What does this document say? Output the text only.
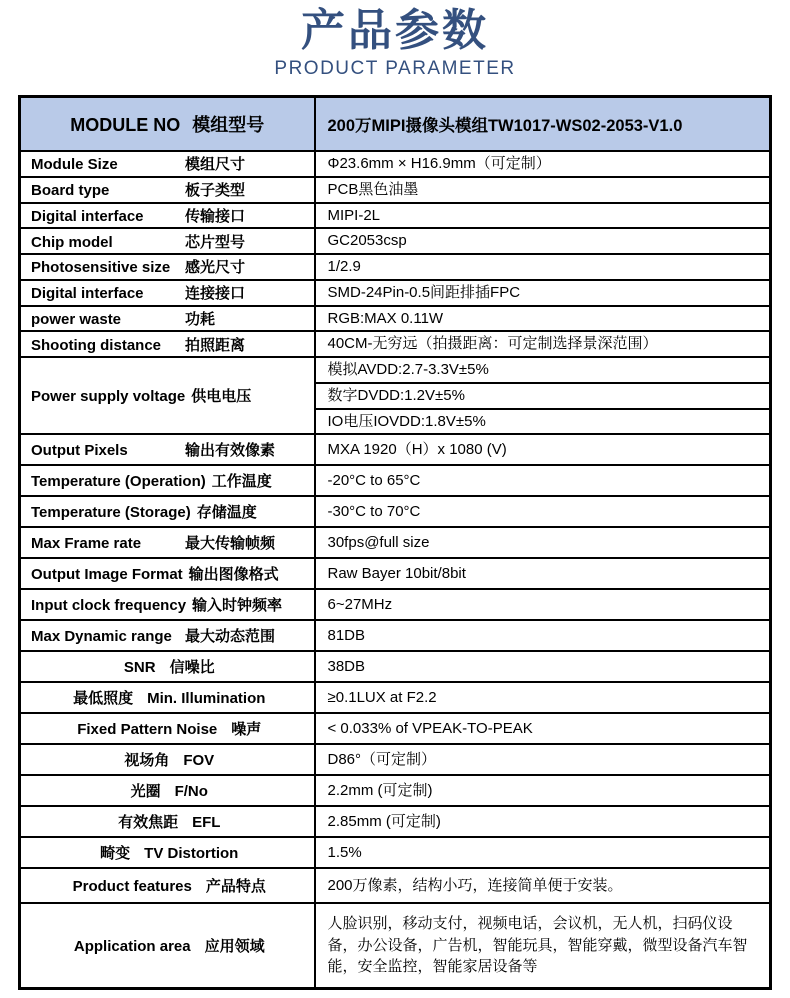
产品参数
PRODUCT PARAMETER
MODULE NO 模组型号	200万MIPI摄像头模组TW1017-WS02-2053-V1.0
Module Size 模组尺寸	Φ23.6mm × H16.9mm（可定制）
Board type 板子类型	PCB黑色油墨
Digital interface 传输接口	MIPI-2L
Chip model 芯片型号	GC2053csp
Photosensitive size 感光尺寸	1/2.9
Digital interface 连接接口	SMD-24Pin-0.5间距排插FPC
power waste 功耗	RGB:MAX 0.11W
Shooting distance 拍照距离	40CM-无穷远（拍摄距离：可定制选择景深范围）
Power supply voltage 供电电压	模拟AVDD:2.7-3.3V±5%
	数字DVDD:1.2V±5%
	IO电压IOVDD:1.8V±5%
Output Pixels 输出有效像素	MXA 1920（H）x 1080 (V)
Temperature (Operation) 工作温度	-20°C to 65°C
Temperature (Storage) 存储温度	-30°C to 70°C
Max Frame rate 最大传输帧频	30fps@full size
Output Image Format 输出图像格式	Raw Bayer 10bit/8bit
Input clock frequency 输入时钟频率	6~27MHz
Max Dynamic range 最大动态范围	81DB
SNR 信噪比	38DB
最低照度 Min. Illumination	≥0.1LUX at F2.2
Fixed Pattern Noise 噪声	< 0.033% of VPEAK-TO-PEAK
视场角 FOV	D86°（可定制）
光圈 F/No	2.2mm (可定制)
有效焦距 EFL	2.85mm (可定制)
畸变 TV Distortion	1.5%
Product features 产品特点	200万像素，结构小巧，连接简单便于安装。
Application area 应用领域	人脸识别，移动支付，视频电话，会议机，无人机，扫码仪设备，办公设备，广告机，智能玩具，智能穿戴，微型设备汽车智能，安全监控，智能家居设备等
